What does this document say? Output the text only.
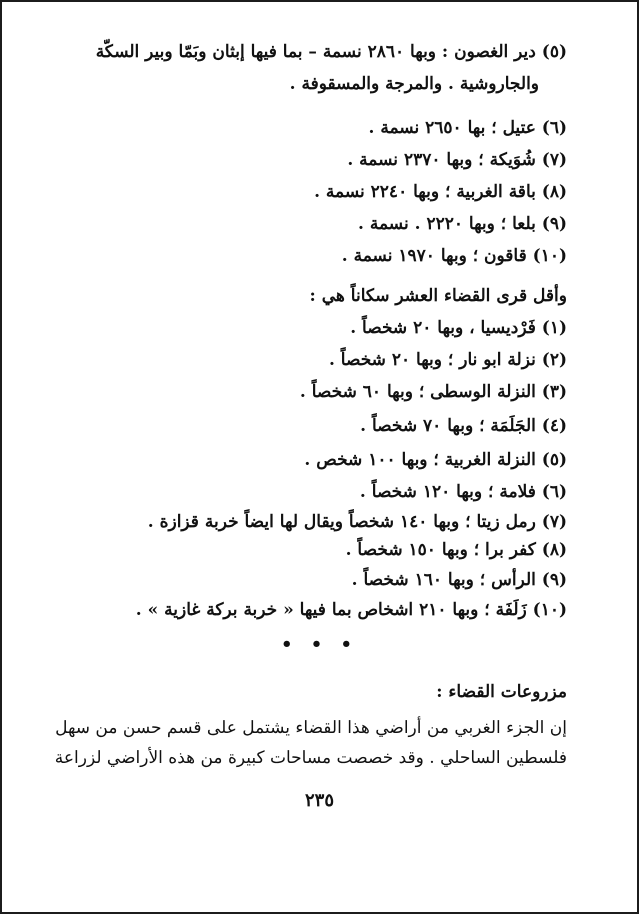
(٥) دير الغصون : وبها ٢٨٦٠ نسمة – بما فيها إبثان وبَمّا وبير السكّة
والجاروشية . والمرجة والمسقوفة .
(٦) عتيل ؛ بها ٢٦٥٠ نسمة .
(٧) شُوَيكة ؛ وبها ٢٣٧٠ نسمة .
(٨) باقة الغربية ؛ وبها ٢٢٤٠ نسمة .
(٩) بلعا ؛ وبها ٢٢٢٠ . نسمة .
(١٠) قاقون ؛ وبها ١٩٧٠ نسمة .
وأقل قرى القضاء العشر سكاناً هي :
(١) فَرْديسيا ، وبها ٢٠ شخصاً .
(٢) نزلة ابو نار ؛ وبها ٢٠ شخصاً .
(٣) النزلة الوسطى ؛ وبها ٦٠ شخصاً .
(٤) الجَلَمَة ؛ وبها ٧٠ شخصاً .
(٥) النزلة الغربية ؛ وبها ١٠٠ شخص .
(٦) فلامة ؛ وبها ١٢٠ شخصاً .
(٧) رمل زيتا ؛ وبها ١٤٠ شخصاً ويقال لها ايضاً خربة قزازة .
(٨) كفر برا ؛ وبها ١٥٠ شخصاً .
(٩) الرأس ؛ وبها ١٦٠ شخصاً .
(١٠) زَلَفَة ؛ وبها ٢١٠ اشخاص بما فيها « خربة بركة غازية » .
• • •
مزروعات القضاء :
إن الجزء الغربي من أراضي هذا القضاء يشتمل على قسم حسن من سهل
فلسطين الساحلي . وقد خصصت مساحات كبيرة من هذه الأراضي لزراعة
٢٣٥
